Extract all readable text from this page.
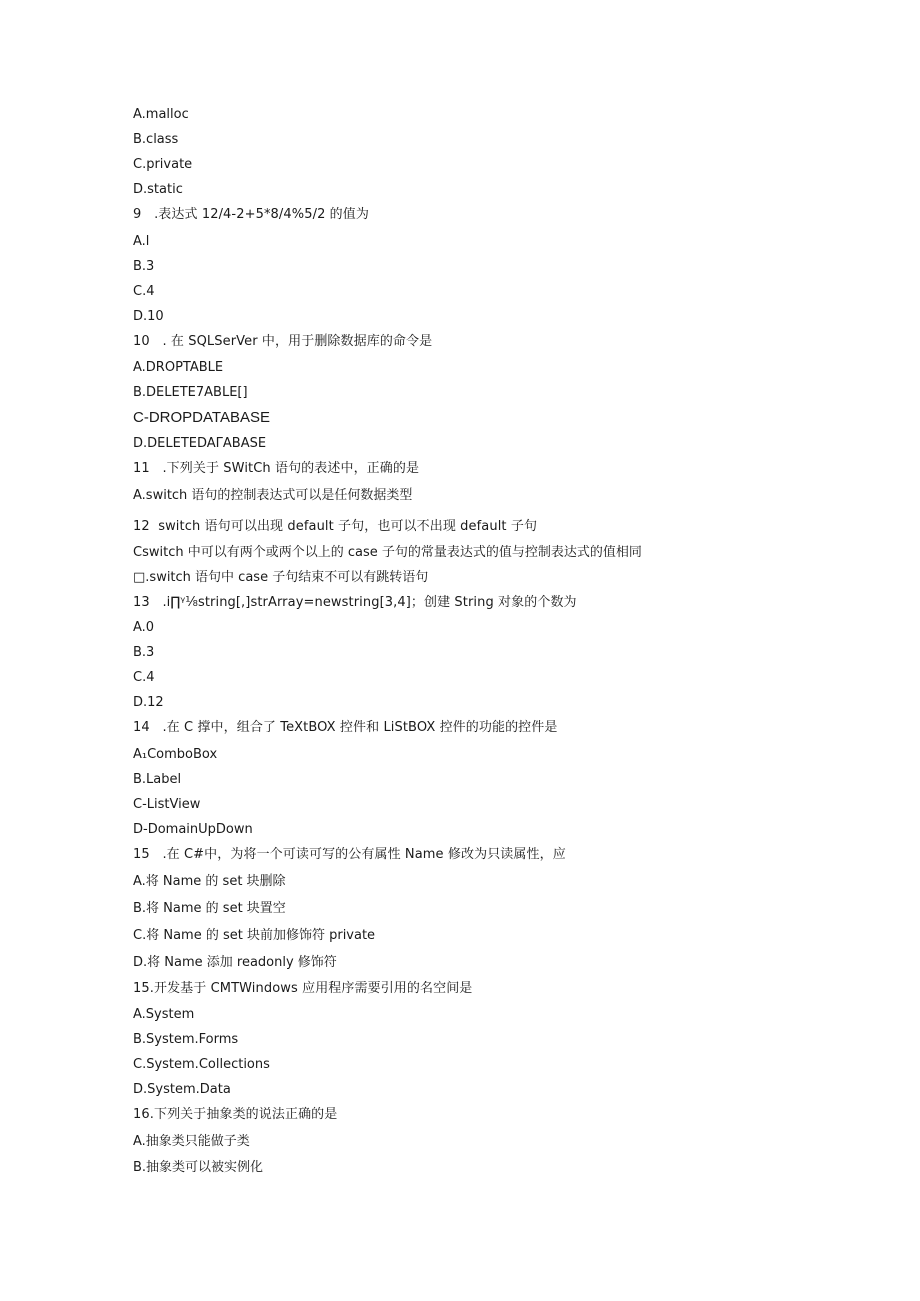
A.malloc
B.class
C.private
D.static
9   .表达式 12/4-2+5*8/4%5/2 的值为
A.l
B.3
C.4
D.10
10   . 在 SQLSerVer 中，用于删除数据库的命令是
A.DROPTABLE
B.DELETE7ABLE[]
C-DROPDATABASE
D.DELETEDAΓABASE
11   .下列关于 SWitCh 语句的表述中，正确的是
A.switch 语句的控制表达式可以是任何数据类型
12  switch 语句可以出现 default 子句，也可以不出现 default 子句
Cswitch 中可以有两个或两个以上的 case 子句的常量表达式的值与控制表达式的值相同
□.switch 语句中 case 子句结束不可以有跳转语句
13   .i∏ᵞ⅛string[,]strArray=newstring[3,4]；创建 String 对象的个数为
A.0
B.3
C.4
D.12
14   .在 C 撑中，组合了 TeXtBOX 控件和 LiStBOX 控件的功能的控件是
A₁ComboBox
B.Label
C-ListView
D-DomainUpDown
15   .在 C#中，为将一个可读可写的公有属性 Name 修改为只读属性，应
A.将 Name 的 set 块删除
B.将 Name 的 set 块置空
C.将 Name 的 set 块前加修饰符 private
D.将 Name 添加 readonly 修饰符
15.开发基于 CMTWindows 应用程序需要引用的名空间是
A.System
B.System.Forms
C.System.Collections
D.System.Data
16.下列关于抽象类的说法正确的是
A.抽象类只能做子类
B.抽象类可以被实例化
